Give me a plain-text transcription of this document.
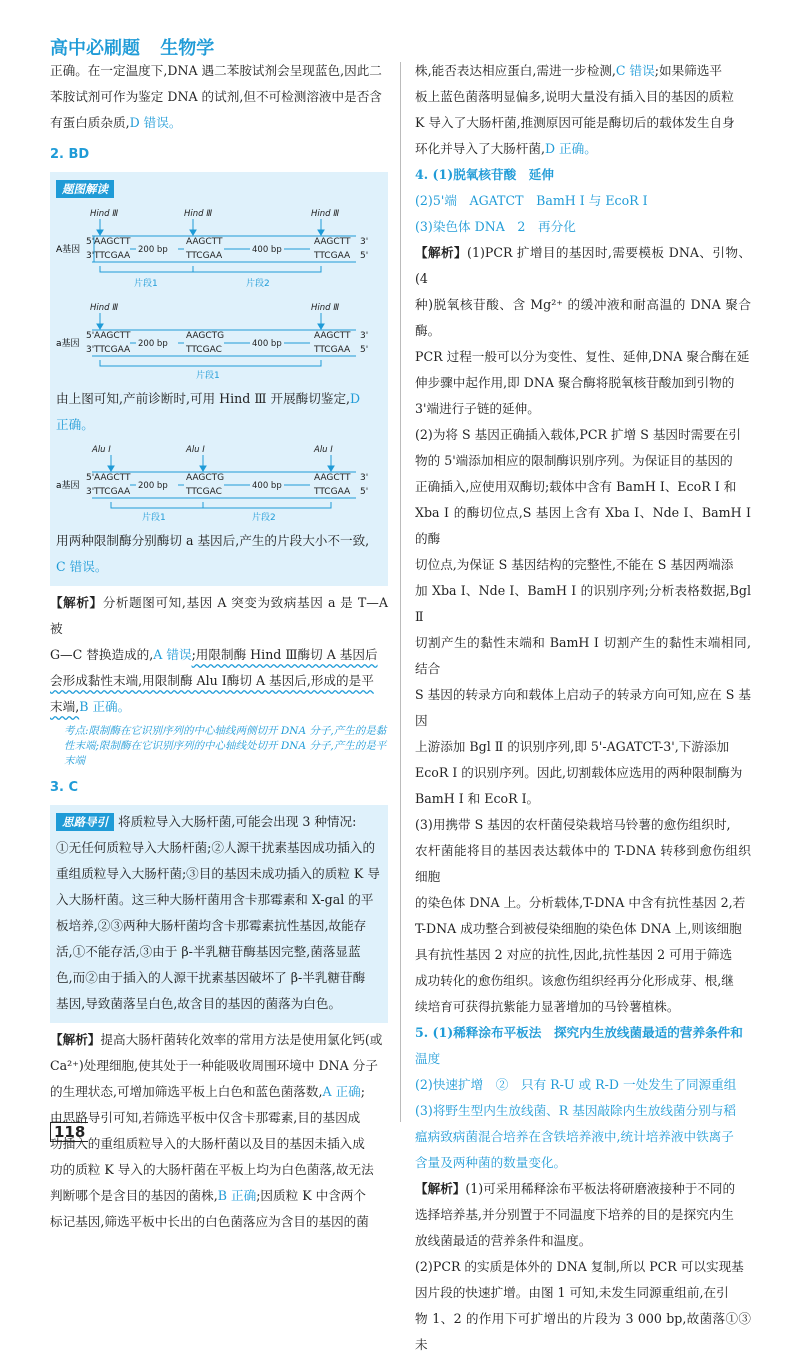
高中必刷题 生物学

正确。在一定温度下,DNA 遇二苯胺试剂会呈现蓝色,因此二

苯胺试剂可作为鉴定 DNA 的试剂,但不可检测溶液中是否含

有蛋白质杂质,D 错误。

2. BD
题图解读
Hind Ⅲ	Hind Ⅲ	Hind Ⅲ
A基因
5' AAGCTT	AAGCTT	AAGCTT 3'
3' TTCGAA	TTCGAA	TTCGAA 5'
200 bp	400 bp
片段1	片段2
Hind Ⅲ	Hind Ⅲ
a基因
5' AAGCTT	AAGCTG	AAGCTT 3'
3' TTCGAA	TTCGAC	TTCGAA 5'
200 bp	400 bp
片段1

由上图可知,产前诊断时,可用 Hind Ⅲ 开展酶切鉴定,D

正确。

Alu Ⅰ	Alu Ⅰ	Alu Ⅰ
a基因
5' AAGCTT	AAGCTG	AAGCTT 3'
3' TTCGAA	TTCGAC	TTCGAA 5'
200 bp	400 bp
片段1	片段2

用两种限制酶分别酶切 a 基因后,产生的片段大小不一致,

C 错误。

【解析】分析题图可知,基因 A 突变为致病基因 a 是 T—A 被

G—C 替换造成的,A 错误;用限制酶 Hind Ⅲ酶切 A 基因后

会形成黏性末端,用限制酶 Alu Ⅰ酶切 A 基因后,形成的是平

末端,B 正确。

考点:限制酶在它识别序列的中心轴线两侧切开 DNA 分子,产生的是黏性末端;限制酶在它识别序列的中心轴线处切开 DNA 分子,产生的是平末端
3. C

思路导引 将质粒导入大肠杆菌,可能会出现 3 种情况:

①无任何质粒导入大肠杆菌;②人源干扰素基因成功插入的

重组质粒导入大肠杆菌;③目的基因未成功插入的质粒 K 导

入大肠杆菌。这三种大肠杆菌用含卡那霉素和 X-gal 的平

板培养,②③两种大肠杆菌均含卡那霉素抗性基因,故能存

活,①不能存活,③由于 β-半乳糖苷酶基因完整,菌落显蓝

色,而②由于插入的人源干扰素基因破坏了 β-半乳糖苷酶

基因,导致菌落呈白色,故含目的基因的菌落为白色。

【解析】提高大肠杆菌转化效率的常用方法是使用氯化钙(或

Ca²⁺)处理细胞,使其处于一种能吸收周围环境中 DNA 分子

的生理状态,可增加筛选平板上白色和蓝色菌落数,A 正确;

由思路导引可知,若筛选平板中仅含卡那霉素,目的基因成

功插入的重组质粒导入的大肠杆菌以及目的基因未插入成

功的质粒 K 导入的大肠杆菌在平板上均为白色菌落,故无法

判断哪个是含目的基因的菌株,B 正确;因质粒 K 中含两个

标记基因,筛选平板中长出的白色菌落应为含目的基因的菌

株,能否表达相应蛋白,需进一步检测,C 错误;如果筛选平

板上蓝色菌落明显偏多,说明大量没有插入目的基因的质粒

K 导入了大肠杆菌,推测原因可能是酶切后的载体发生自身

环化并导入了大肠杆菌,D 正确。

4. (1)脱氧核苷酸　延伸

(2)5'端　AGATCT　BamH Ⅰ 与 EcoR Ⅰ

(3)染色体 DNA　2　再分化

【解析】(1)PCR 扩增目的基因时,需要模板 DNA、引物、(4

种)脱氧核苷酸、含 Mg²⁺ 的缓冲液和耐高温的 DNA 聚合酶。

PCR 过程一般可以分为变性、复性、延伸,DNA 聚合酶在延

伸步骤中起作用,即 DNA 聚合酶将脱氧核苷酸加到引物的

3'端进行子链的延伸。

(2)为将 S 基因正确插入载体,PCR 扩增 S 基因时需要在引

物的 5'端添加相应的限制酶识别序列。为保证目的基因的

正确插入,应使用双酶切;载体中含有 BamH Ⅰ、EcoR Ⅰ 和

Xba Ⅰ 的酶切位点,S 基因上含有 Xba Ⅰ、Nde Ⅰ、BamH Ⅰ 的酶

切位点,为保证 S 基因结构的完整性,不能在 S 基因两端添

加 Xba Ⅰ、Nde Ⅰ、BamH Ⅰ 的识别序列;分析表格数据,Bgl Ⅱ

切割产生的黏性末端和 BamH Ⅰ 切割产生的黏性末端相同,结合

S 基因的转录方向和载体上启动子的转录方向可知,应在 S 基因

上游添加 Bgl Ⅱ 的识别序列,即 5'-AGATCT-3',下游添加

EcoR Ⅰ 的识别序列。因此,切割载体应选用的两种限制酶为

BamH Ⅰ 和 EcoR Ⅰ。

(3)用携带 S 基因的农杆菌侵染栽培马铃薯的愈伤组织时,

农杆菌能将目的基因表达载体中的 T-DNA 转移到愈伤组织细胞

的染色体 DNA 上。分析载体,T-DNA 中含有抗性基因 2,若

T-DNA 成功整合到被侵染细胞的染色体 DNA 上,则该细胞

具有抗性基因 2 对应的抗性,因此,抗性基因 2 可用于筛选

成功转化的愈伤组织。该愈伤组织经再分化形成芽、根,继

续培育可获得抗紫能力显著增加的马铃薯植株。

5. (1)稀释涂布平板法　探究内生放线菌最适的营养条件和

温度

(2)快速扩增　②　只有 R-U 或 R-D 一处发生了同源重组

(3)将野生型内生放线菌、R 基因敲除内生放线菌分别与稻

瘟病致病菌混合培养在含铁培养液中,统计培养液中铁离子

含量及两种菌的数量变化。

【解析】(1)可采用稀释涂布平板法将研磨液接种于不同的

选择培养基,并分别置于不同温度下培养的目的是探究内生

放线菌最适的营养条件和温度。

(2)PCR 的实质是体外的 DNA 复制,所以 PCR 可以实现基

因片段的快速扩增。由图 1 可知,未发生同源重组前,在引

物 1、2 的作用下可扩增出的片段为 3 000 bp,故菌落①③未

118
